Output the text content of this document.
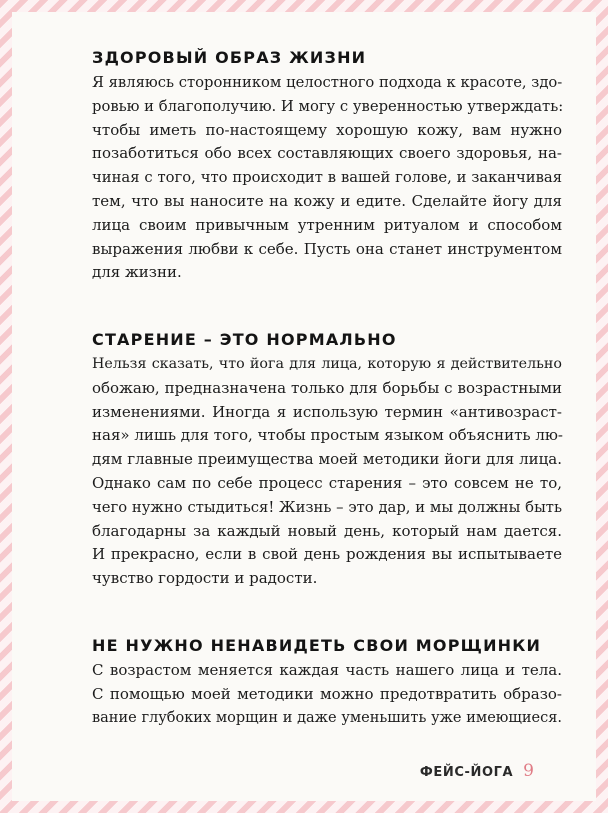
ЗДОРОВЫЙ ОБРАЗ ЖИЗНИ

Я являюсь сторонником целостного подхода к красоте, здо-
ровью и благополучию. И могу с уверенностью утверждать:
чтобы иметь по-настоящему хорошую кожу, вам нужно
позаботиться обо всех составляющих своего здоровья, на-
чиная с того, что происходит в вашей голове, и заканчивая
тем, что вы наносите на кожу и едите. Сделайте йогу для
лица своим привычным утренним ритуалом и способом
выражения любви к себе. Пусть она станет инструментом
для жизни.

СТАРЕНИЕ – ЭТО НОРМАЛЬНО

Нельзя сказать, что йога для лица, которую я действительно
обожаю, предназначена только для борьбы с возрастными
изменениями. Иногда я использую термин «антивозраст-
ная» лишь для того, чтобы простым языком объяснить лю-
дям главные преимущества моей методики йоги для лица.
Однако сам по себе процесс старения – это совсем не то,
чего нужно стыдиться! Жизнь – это дар, и мы должны быть
благодарны за каждый новый день, который нам дается.
И прекрасно, если в свой день рождения вы испытываете
чувство гордости и радости.

НЕ НУЖНО НЕНАВИДЕТЬ СВОИ МОРЩИНКИ

С возрастом меняется каждая часть нашего лица и тела.
С помощью моей методики можно предотвратить образо-
вание глубоких морщин и даже уменьшить уже имеющиеся.

ФЕЙС-ЙОГА 9
